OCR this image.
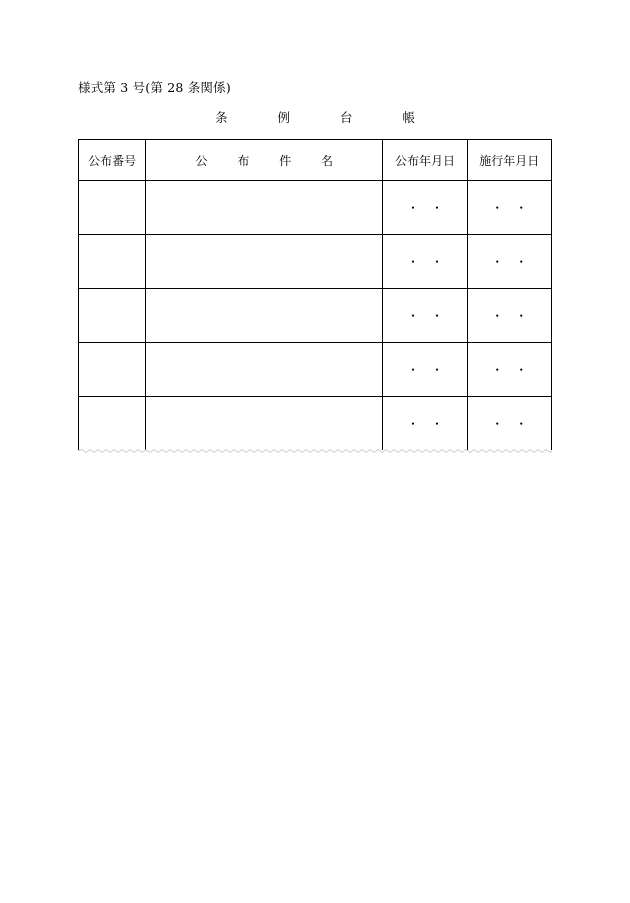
様式第 3 号(第 28 条関係)
条	例	台	帳
公布番号	公 布 件 名	公布年月日	施行年月日
		・　・	・　・
		・　・	・　・
		・　・	・　・
		・　・	・　・
		・　・	・　・
